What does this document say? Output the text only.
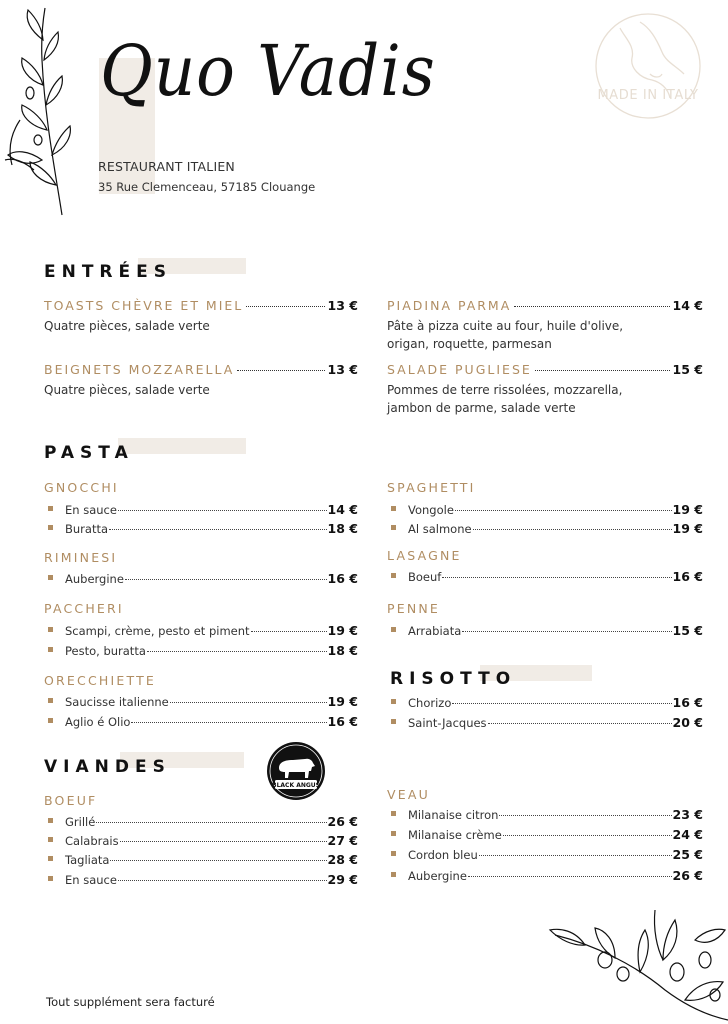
Quo Vadis
RESTAURANT ITALIEN
35 Rue Clemenceau, 57185 Clouange
MADE IN ITALY
ENTRÉES
TOASTS CHÈVRE ET MIEL	13 €
Quatre pièces, salade verte
BEIGNETS MOZZARELLA	13 €
Quatre pièces, salade verte
PIADINA PARMA	14 €
Pâte à pizza cuite au four, huile d'olive,
origan, roquette, parmesan
SALADE PUGLIESE	15 €
Pommes de terre rissolées, mozzarella,
jambon de parme, salade verte
PASTA
GNOCCHI
En sauce	14 €
Buratta	18 €
RIMINESI
Aubergine	16 €
PACCHERI
Scampi, crème, pesto et piment	19 €
Pesto, buratta	18 €
ORECCHIETTE
Saucisse italienne	19 €
Aglio é Olio	16 €
SPAGHETTI
Vongole	19 €
Al salmone	19 €
LASAGNE
Boeuf	16 €
PENNE
Arrabiata	15 €
RISOTTO
Chorizo	16 €
Saint-Jacques	20 €
VIANDES
BLACK ANGUS
BOEUF
Grillé	26 €
Calabrais	27 €
Tagliata	28 €
En sauce	29 €
VEAU
Milanaise citron	23 €
Milanaise crème	24 €
Cordon bleu	25 €
Aubergine	26 €
Tout supplément sera facturé
